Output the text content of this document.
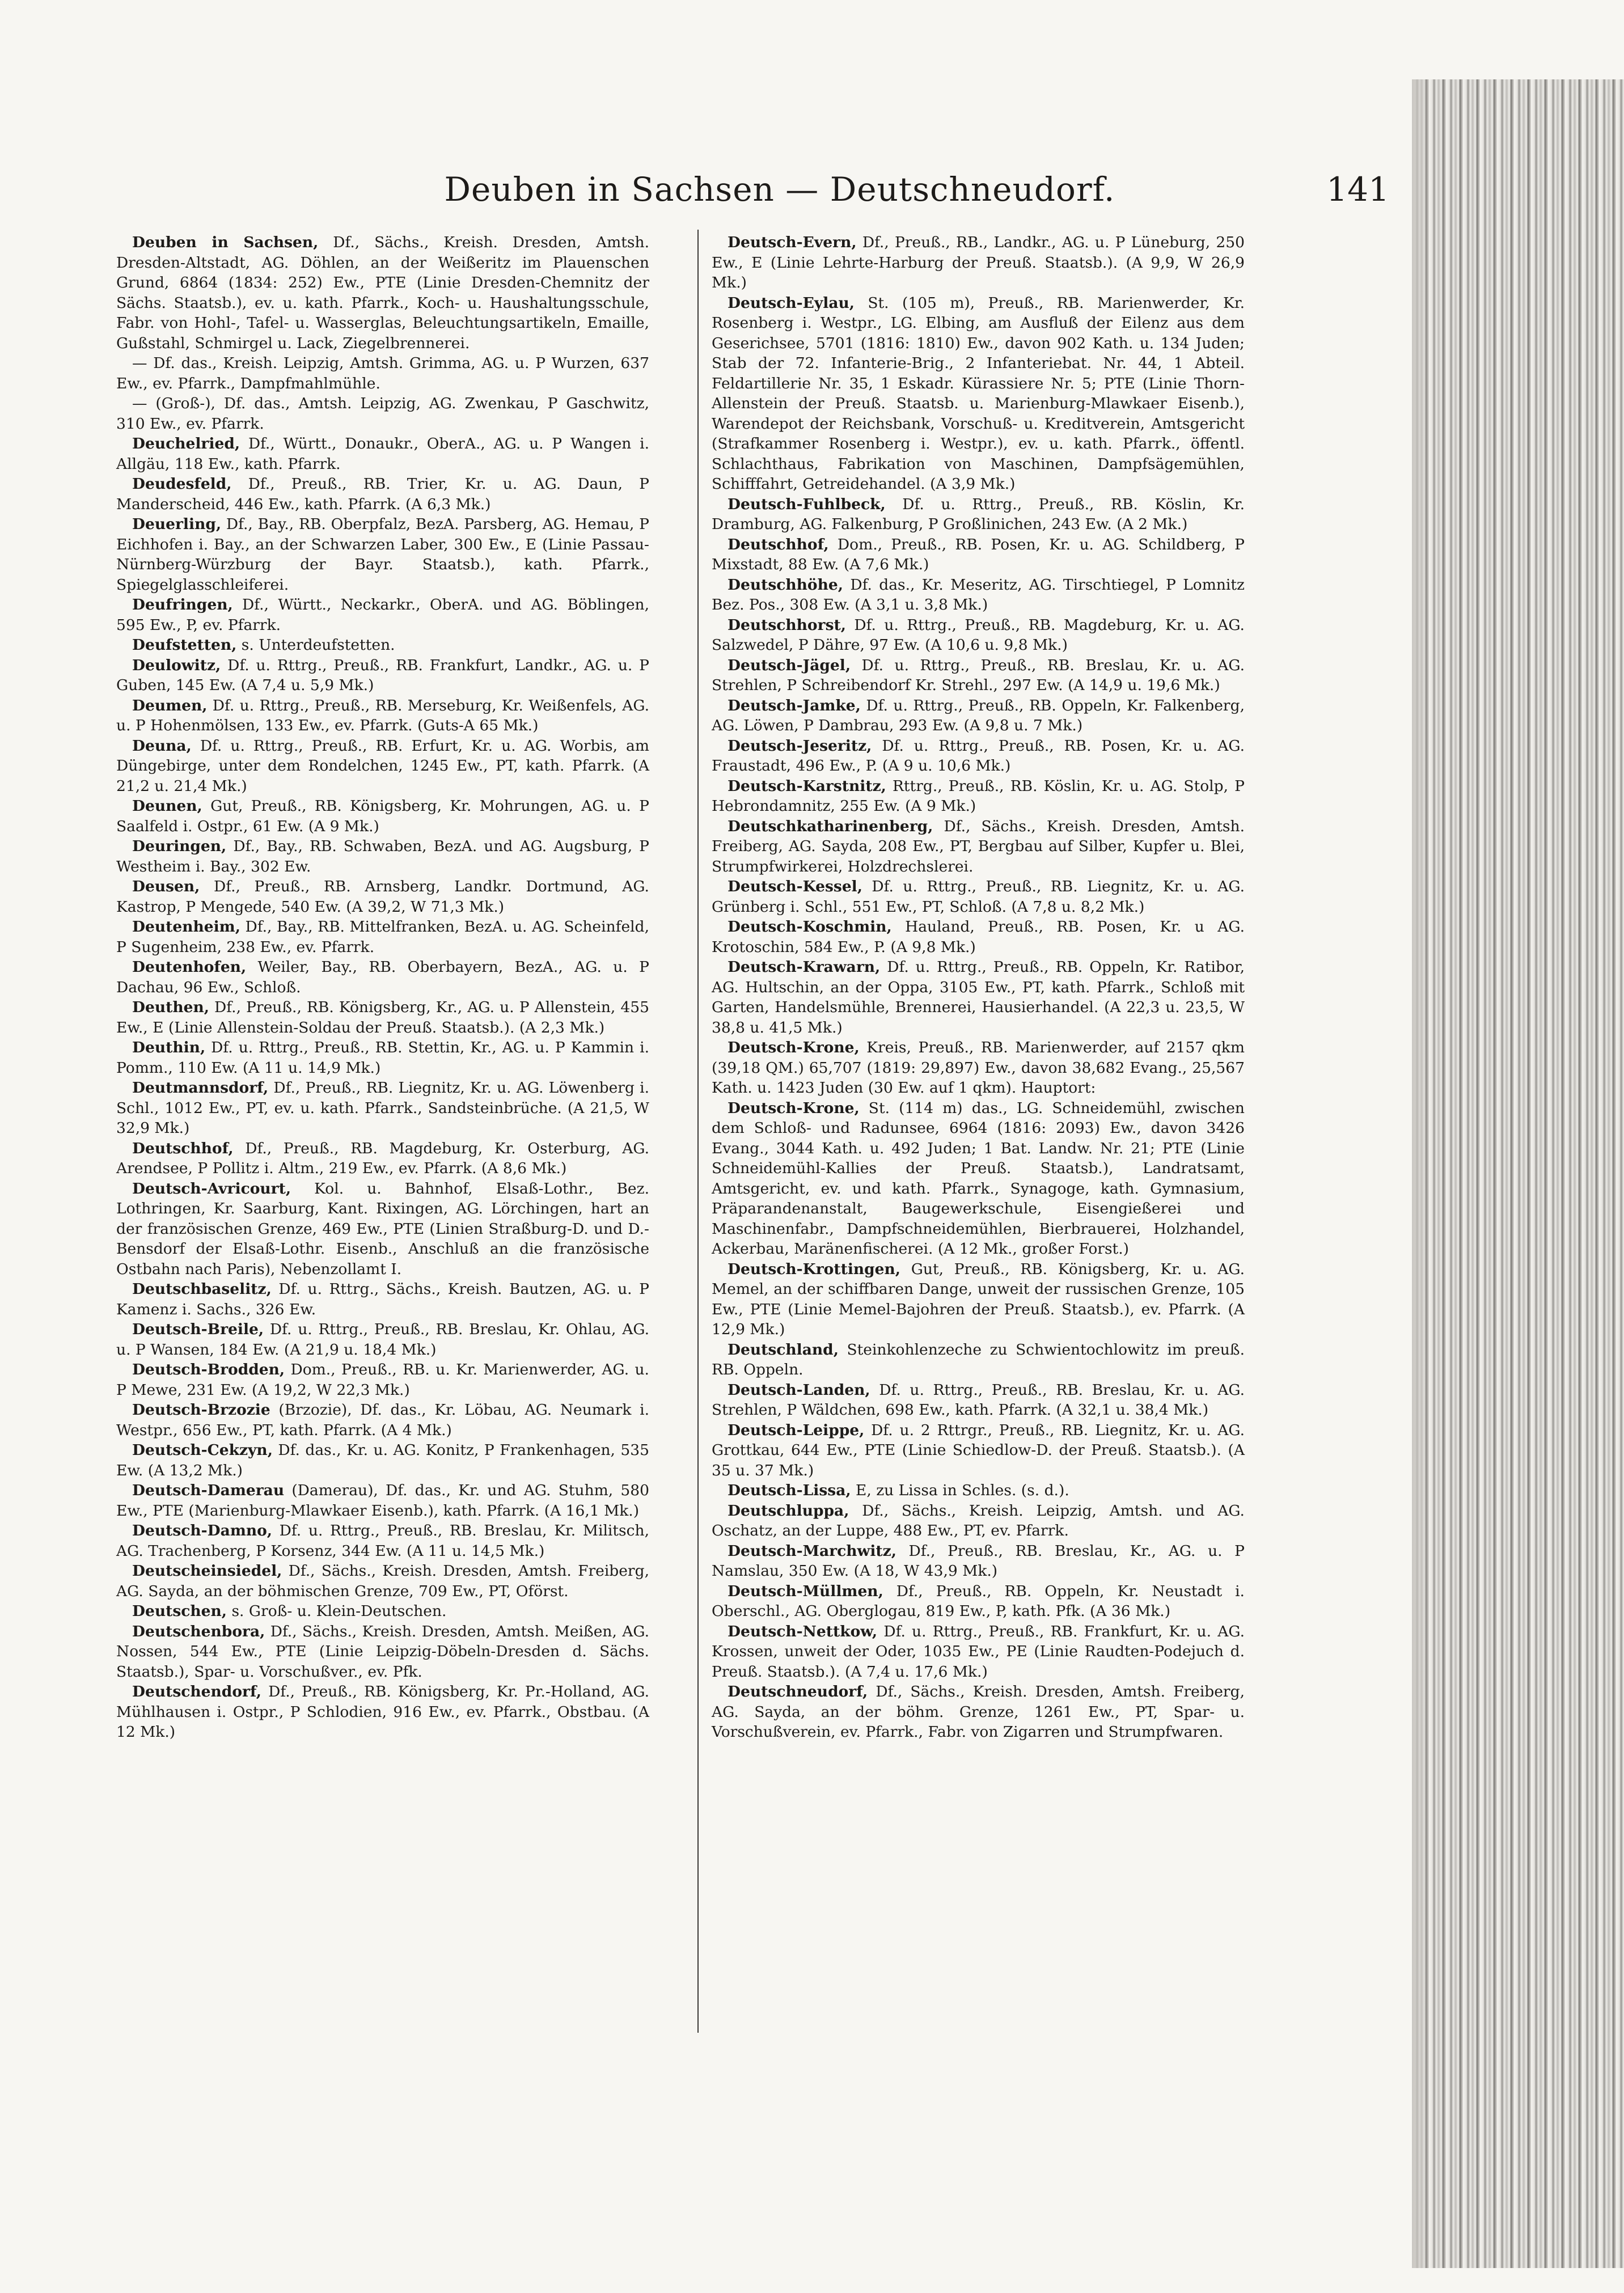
Deuben in Sachsen — Deutschneudorf.	141

Deuben in Sachsen, Df., Sächs., Kreish. Dresden, Amtsh. Dresden-Altstadt, AG. Döhlen, an der Weißeritz im Plauenschen Grund, 6864 (1834: 252) Ew., PTE (Linie Dresden-Chemnitz der Sächs. Staatsb.), ev. u. kath. Pfarrk., Koch- u. Haushaltungsschule, Fabr. von Hohl-, Tafel- u. Wasserglas, Beleuchtungsartikeln, Emaille, Gußstahl, Schmirgel u. Lack, Ziegelbrennerei.

— Df. das., Kreish. Leipzig, Amtsh. Grimma, AG. u. P Wurzen, 637 Ew., ev. Pfarrk., Dampfmahlmühle.

— (Groß-), Df. das., Amtsh. Leipzig, AG. Zwenkau, P Gaschwitz, 310 Ew., ev. Pfarrk.

Deuchelried, Df., Württ., Donaukr., OberA., AG. u. P Wangen i. Allgäu, 118 Ew., kath. Pfarrk.

Deudesfeld, Df., Preuß., RB. Trier, Kr. u. AG. Daun, P Manderscheid, 446 Ew., kath. Pfarrk. (A 6,3 Mk.)

Deuerling, Df., Bay., RB. Oberpfalz, BezA. Parsberg, AG. Hemau, P Eichhofen i. Bay., an der Schwarzen Laber, 300 Ew., E (Linie Passau-Nürnberg-Würzburg der Bayr. Staatsb.), kath. Pfarrk., Spiegelglasschleiferei.

Deufringen, Df., Württ., Neckarkr., OberA. und AG. Böblingen, 595 Ew., P, ev. Pfarrk.

Deufstetten, s. Unterdeufstetten.

Deulowitz, Df. u. Rttrg., Preuß., RB. Frankfurt, Landkr., AG. u. P Guben, 145 Ew. (A 7,4 u. 5,9 Mk.)

Deumen, Df. u. Rttrg., Preuß., RB. Merseburg, Kr. Weißenfels, AG. u. P Hohenmölsen, 133 Ew., ev. Pfarrk. (Guts-A 65 Mk.)

Deuna, Df. u. Rttrg., Preuß., RB. Erfurt, Kr. u. AG. Worbis, am Düngebirge, unter dem Rondelchen, 1245 Ew., PT, kath. Pfarrk. (A 21,2 u. 21,4 Mk.)

Deunen, Gut, Preuß., RB. Königsberg, Kr. Mohrungen, AG. u. P Saalfeld i. Ostpr., 61 Ew. (A 9 Mk.)

Deuringen, Df., Bay., RB. Schwaben, BezA. und AG. Augsburg, P Westheim i. Bay., 302 Ew.

Deusen, Df., Preuß., RB. Arnsberg, Landkr. Dortmund, AG. Kastrop, P Mengede, 540 Ew. (A 39,2, W 71,3 Mk.)

Deutenheim, Df., Bay., RB. Mittelfranken, BezA. u. AG. Scheinfeld, P Sugenheim, 238 Ew., ev. Pfarrk.

Deutenhofen, Weiler, Bay., RB. Oberbayern, BezA., AG. u. P Dachau, 96 Ew., Schloß.

Deuthen, Df., Preuß., RB. Königsberg, Kr., AG. u. P Allenstein, 455 Ew., E (Linie Allenstein-Soldau der Preuß. Staatsb.). (A 2,3 Mk.)

Deuthin, Df. u. Rttrg., Preuß., RB. Stettin, Kr., AG. u. P Kammin i. Pomm., 110 Ew. (A 11 u. 14,9 Mk.)

Deutmannsdorf, Df., Preuß., RB. Liegnitz, Kr. u. AG. Löwenberg i. Schl., 1012 Ew., PT, ev. u. kath. Pfarrk., Sandsteinbrüche. (A 21,5, W 32,9 Mk.)

Deutschhof, Df., Preuß., RB. Magdeburg, Kr. Osterburg, AG. Arendsee, P Pollitz i. Altm., 219 Ew., ev. Pfarrk. (A 8,6 Mk.)

Deutsch-Avricourt, Kol. u. Bahnhof, Elsaß-Lothr., Bez. Lothringen, Kr. Saarburg, Kant. Rixingen, AG. Lörchingen, hart an der französischen Grenze, 469 Ew., PTE (Linien Straßburg-D. und D.-Bensdorf der Elsaß-Lothr. Eisenb., Anschluß an die französische Ostbahn nach Paris), Nebenzollamt I.

Deutschbaselitz, Df. u. Rttrg., Sächs., Kreish. Bautzen, AG. u. P Kamenz i. Sachs., 326 Ew.

Deutsch-Breile, Df. u. Rttrg., Preuß., RB. Breslau, Kr. Ohlau, AG. u. P Wansen, 184 Ew. (A 21,9 u. 18,4 Mk.)

Deutsch-Brodden, Dom., Preuß., RB. u. Kr. Marienwerder, AG. u. P Mewe, 231 Ew. (A 19,2, W 22,3 Mk.)

Deutsch-Brzozie (Brzozie), Df. das., Kr. Löbau, AG. Neumark i. Westpr., 656 Ew., PT, kath. Pfarrk. (A 4 Mk.)

Deutsch-Cekzyn, Df. das., Kr. u. AG. Konitz, P Frankenhagen, 535 Ew. (A 13,2 Mk.)

Deutsch-Damerau (Damerau), Df. das., Kr. und AG. Stuhm, 580 Ew., PTE (Marienburg-Mlawkaer Eisenb.), kath. Pfarrk. (A 16,1 Mk.)

Deutsch-Damno, Df. u. Rttrg., Preuß., RB. Breslau, Kr. Militsch, AG. Trachenberg, P Korsenz, 344 Ew. (A 11 u. 14,5 Mk.)

Deutscheinsiedel, Df., Sächs., Kreish. Dresden, Amtsh. Freiberg, AG. Sayda, an der böhmischen Grenze, 709 Ew., PT, Oförst.

Deutschen, s. Groß- u. Klein-Deutschen.

Deutschenbora, Df., Sächs., Kreish. Dresden, Amtsh. Meißen, AG. Nossen, 544 Ew., PTE (Linie Leipzig-Döbeln-Dresden d. Sächs. Staatsb.), Spar- u. Vorschußver., ev. Pfk.

Deutschendorf, Df., Preuß., RB. Königsberg, Kr. Pr.-Holland, AG. Mühlhausen i. Ostpr., P Schlodien, 916 Ew., ev. Pfarrk., Obstbau. (A 12 Mk.)

Deutsch-Evern, Df., Preuß., RB., Landkr., AG. u. P Lüneburg, 250 Ew., E (Linie Lehrte-Harburg der Preuß. Staatsb.). (A 9,9, W 26,9 Mk.)

Deutsch-Eylau, St. (105 m), Preuß., RB. Marienwerder, Kr. Rosenberg i. Westpr., LG. Elbing, am Ausfluß der Eilenz aus dem Geserichsee, 5701 (1816: 1810) Ew., davon 902 Kath. u. 134 Juden; Stab der 72. Infanterie-Brig., 2 Infanteriebat. Nr. 44, 1 Abteil. Feldartillerie Nr. 35, 1 Eskadr. Kürassiere Nr. 5; PTE (Linie Thorn-Allenstein der Preuß. Staatsb. u. Marienburg-Mlawkaer Eisenb.), Warendepot der Reichsbank, Vorschuß- u. Kreditverein, Amtsgericht (Strafkammer Rosenberg i. Westpr.), ev. u. kath. Pfarrk., öffentl. Schlachthaus, Fabrikation von Maschinen, Dampfsägemühlen, Schifffahrt, Getreidehandel. (A 3,9 Mk.)

Deutsch-Fuhlbeck, Df. u. Rttrg., Preuß., RB. Köslin, Kr. Dramburg, AG. Falkenburg, P Großlinichen, 243 Ew. (A 2 Mk.)

Deutschhof, Dom., Preuß., RB. Posen, Kr. u. AG. Schildberg, P Mixstadt, 88 Ew. (A 7,6 Mk.)

Deutschhöhe, Df. das., Kr. Meseritz, AG. Tirschtiegel, P Lomnitz Bez. Pos., 308 Ew. (A 3,1 u. 3,8 Mk.)

Deutschhorst, Df. u. Rttrg., Preuß., RB. Magdeburg, Kr. u. AG. Salzwedel, P Dähre, 97 Ew. (A 10,6 u. 9,8 Mk.)

Deutsch-Jägel, Df. u. Rttrg., Preuß., RB. Breslau, Kr. u. AG. Strehlen, P Schreibendorf Kr. Strehl., 297 Ew. (A 14,9 u. 19,6 Mk.)

Deutsch-Jamke, Df. u. Rttrg., Preuß., RB. Oppeln, Kr. Falkenberg, AG. Löwen, P Dambrau, 293 Ew. (A 9,8 u. 7 Mk.)

Deutsch-Jeseritz, Df. u. Rttrg., Preuß., RB. Posen, Kr. u. AG. Fraustadt, 496 Ew., P. (A 9 u. 10,6 Mk.)

Deutsch-Karstnitz, Rttrg., Preuß., RB. Köslin, Kr. u. AG. Stolp, P Hebrondamnitz, 255 Ew. (A 9 Mk.)

Deutschkatharinenberg, Df., Sächs., Kreish. Dresden, Amtsh. Freiberg, AG. Sayda, 208 Ew., PT, Bergbau auf Silber, Kupfer u. Blei, Strumpfwirkerei, Holzdrechslerei.

Deutsch-Kessel, Df. u. Rttrg., Preuß., RB. Liegnitz, Kr. u. AG. Grünberg i. Schl., 551 Ew., PT, Schloß. (A 7,8 u. 8,2 Mk.)

Deutsch-Koschmin, Hauland, Preuß., RB. Posen, Kr. u AG. Krotoschin, 584 Ew., P. (A 9,8 Mk.)

Deutsch-Krawarn, Df. u. Rttrg., Preuß., RB. Oppeln, Kr. Ratibor, AG. Hultschin, an der Oppa, 3105 Ew., PT, kath. Pfarrk., Schloß mit Garten, Handelsmühle, Brennerei, Hausierhandel. (A 22,3 u. 23,5, W 38,8 u. 41,5 Mk.)

Deutsch-Krone, Kreis, Preuß., RB. Marienwerder, auf 2157 qkm (39,18 QM.) 65,707 (1819: 29,897) Ew., davon 38,682 Evang., 25,567 Kath. u. 1423 Juden (30 Ew. auf 1 qkm). Hauptort:

Deutsch-Krone, St. (114 m) das., LG. Schneidemühl, zwischen dem Schloß- und Radunsee, 6964 (1816: 2093) Ew., davon 3426 Evang., 3044 Kath. u. 492 Juden; 1 Bat. Landw. Nr. 21; PTE (Linie Schneidemühl-Kallies der Preuß. Staatsb.), Landratsamt, Amtsgericht, ev. und kath. Pfarrk., Synagoge, kath. Gymnasium, Präparandenanstalt, Baugewerkschule, Eisengießerei und Maschinenfabr., Dampfschneidemühlen, Bierbrauerei, Holzhandel, Ackerbau, Maränenfischerei. (A 12 Mk., großer Forst.)

Deutsch-Krottingen, Gut, Preuß., RB. Königsberg, Kr. u. AG. Memel, an der schiffbaren Dange, unweit der russischen Grenze, 105 Ew., PTE (Linie Memel-Bajohren der Preuß. Staatsb.), ev. Pfarrk. (A 12,9 Mk.)

Deutschland, Steinkohlenzeche zu Schwientochlowitz im preuß. RB. Oppeln.

Deutsch-Landen, Df. u. Rttrg., Preuß., RB. Breslau, Kr. u. AG. Strehlen, P Wäldchen, 698 Ew., kath. Pfarrk. (A 32,1 u. 38,4 Mk.)

Deutsch-Leippe, Df. u. 2 Rttrgr., Preuß., RB. Liegnitz, Kr. u. AG. Grottkau, 644 Ew., PTE (Linie Schiedlow-D. der Preuß. Staatsb.). (A 35 u. 37 Mk.)

Deutsch-Lissa, E, zu Lissa in Schles. (s. d.).

Deutschluppa, Df., Sächs., Kreish. Leipzig, Amtsh. und AG. Oschatz, an der Luppe, 488 Ew., PT, ev. Pfarrk.

Deutsch-Marchwitz, Df., Preuß., RB. Breslau, Kr., AG. u. P Namslau, 350 Ew. (A 18, W 43,9 Mk.)

Deutsch-Müllmen, Df., Preuß., RB. Oppeln, Kr. Neustadt i. Oberschl., AG. Oberglogau, 819 Ew., P, kath. Pfk. (A 36 Mk.)

Deutsch-Nettkow, Df. u. Rttrg., Preuß., RB. Frankfurt, Kr. u. AG. Krossen, unweit der Oder, 1035 Ew., PE (Linie Raudten-Podejuch d. Preuß. Staatsb.). (A 7,4 u. 17,6 Mk.)

Deutschneudorf, Df., Sächs., Kreish. Dresden, Amtsh. Freiberg, AG. Sayda, an der böhm. Grenze, 1261 Ew., PT, Spar- u. Vorschußverein, ev. Pfarrk., Fabr. von Zigarren und Strumpfwaren.
